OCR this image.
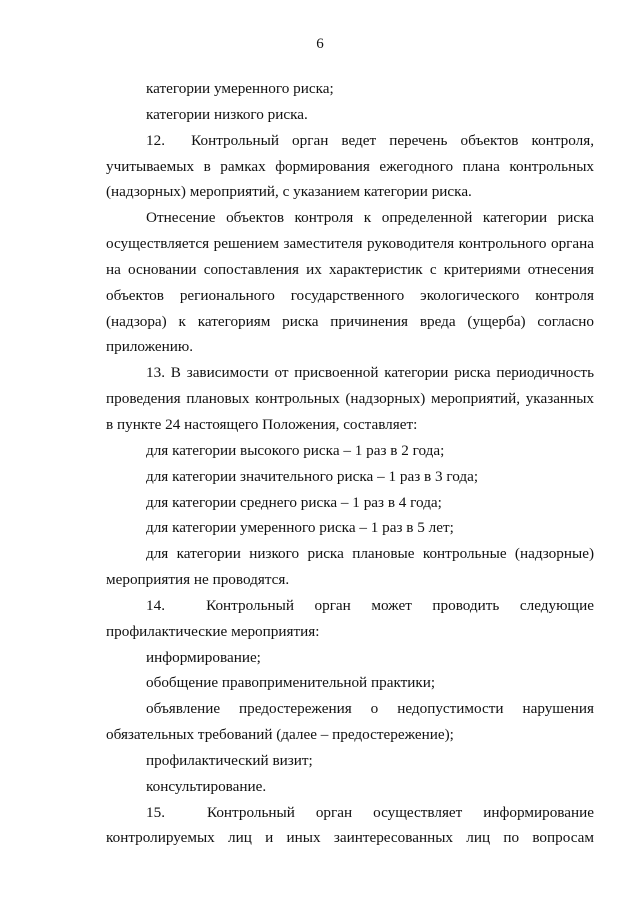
6
категории умеренного риска;
категории низкого риска.
12.  Контрольный орган ведет перечень объектов контроля,
учитываемых в рамках формирования ежегодного плана контрольных
(надзорных) мероприятий, с указанием категории риска.
Отнесение объектов контроля к определенной категории риска
осуществляется решением заместителя руководителя контрольного органа
на основании сопоставления их характеристик с критериями отнесения
объектов регионального государственного экологического контроля
(надзора) к категориям риска причинения вреда (ущерба) согласно
приложению.
13. В зависимости от присвоенной категории риска периодичность
проведения плановых контрольных (надзорных) мероприятий, указанных
в пункте 24 настоящего Положения, составляет:
для категории высокого риска – 1 раз в 2 года;
для категории значительного риска – 1 раз в 3 года;
для категории среднего риска – 1 раз в 4 года;
для категории умеренного риска – 1 раз в 5 лет;
для категории низкого риска плановые контрольные (надзорные)
мероприятия не проводятся.
14.  Контрольный орган может проводить следующие
профилактические мероприятия:
информирование;
обобщение правоприменительной практики;
объявление предостережения о недопустимости нарушения
обязательных требований (далее – предостережение);
профилактический визит;
консультирование.
15.  Контрольный орган осуществляет информирование
контролируемых лиц и иных заинтересованных лиц по вопросам
